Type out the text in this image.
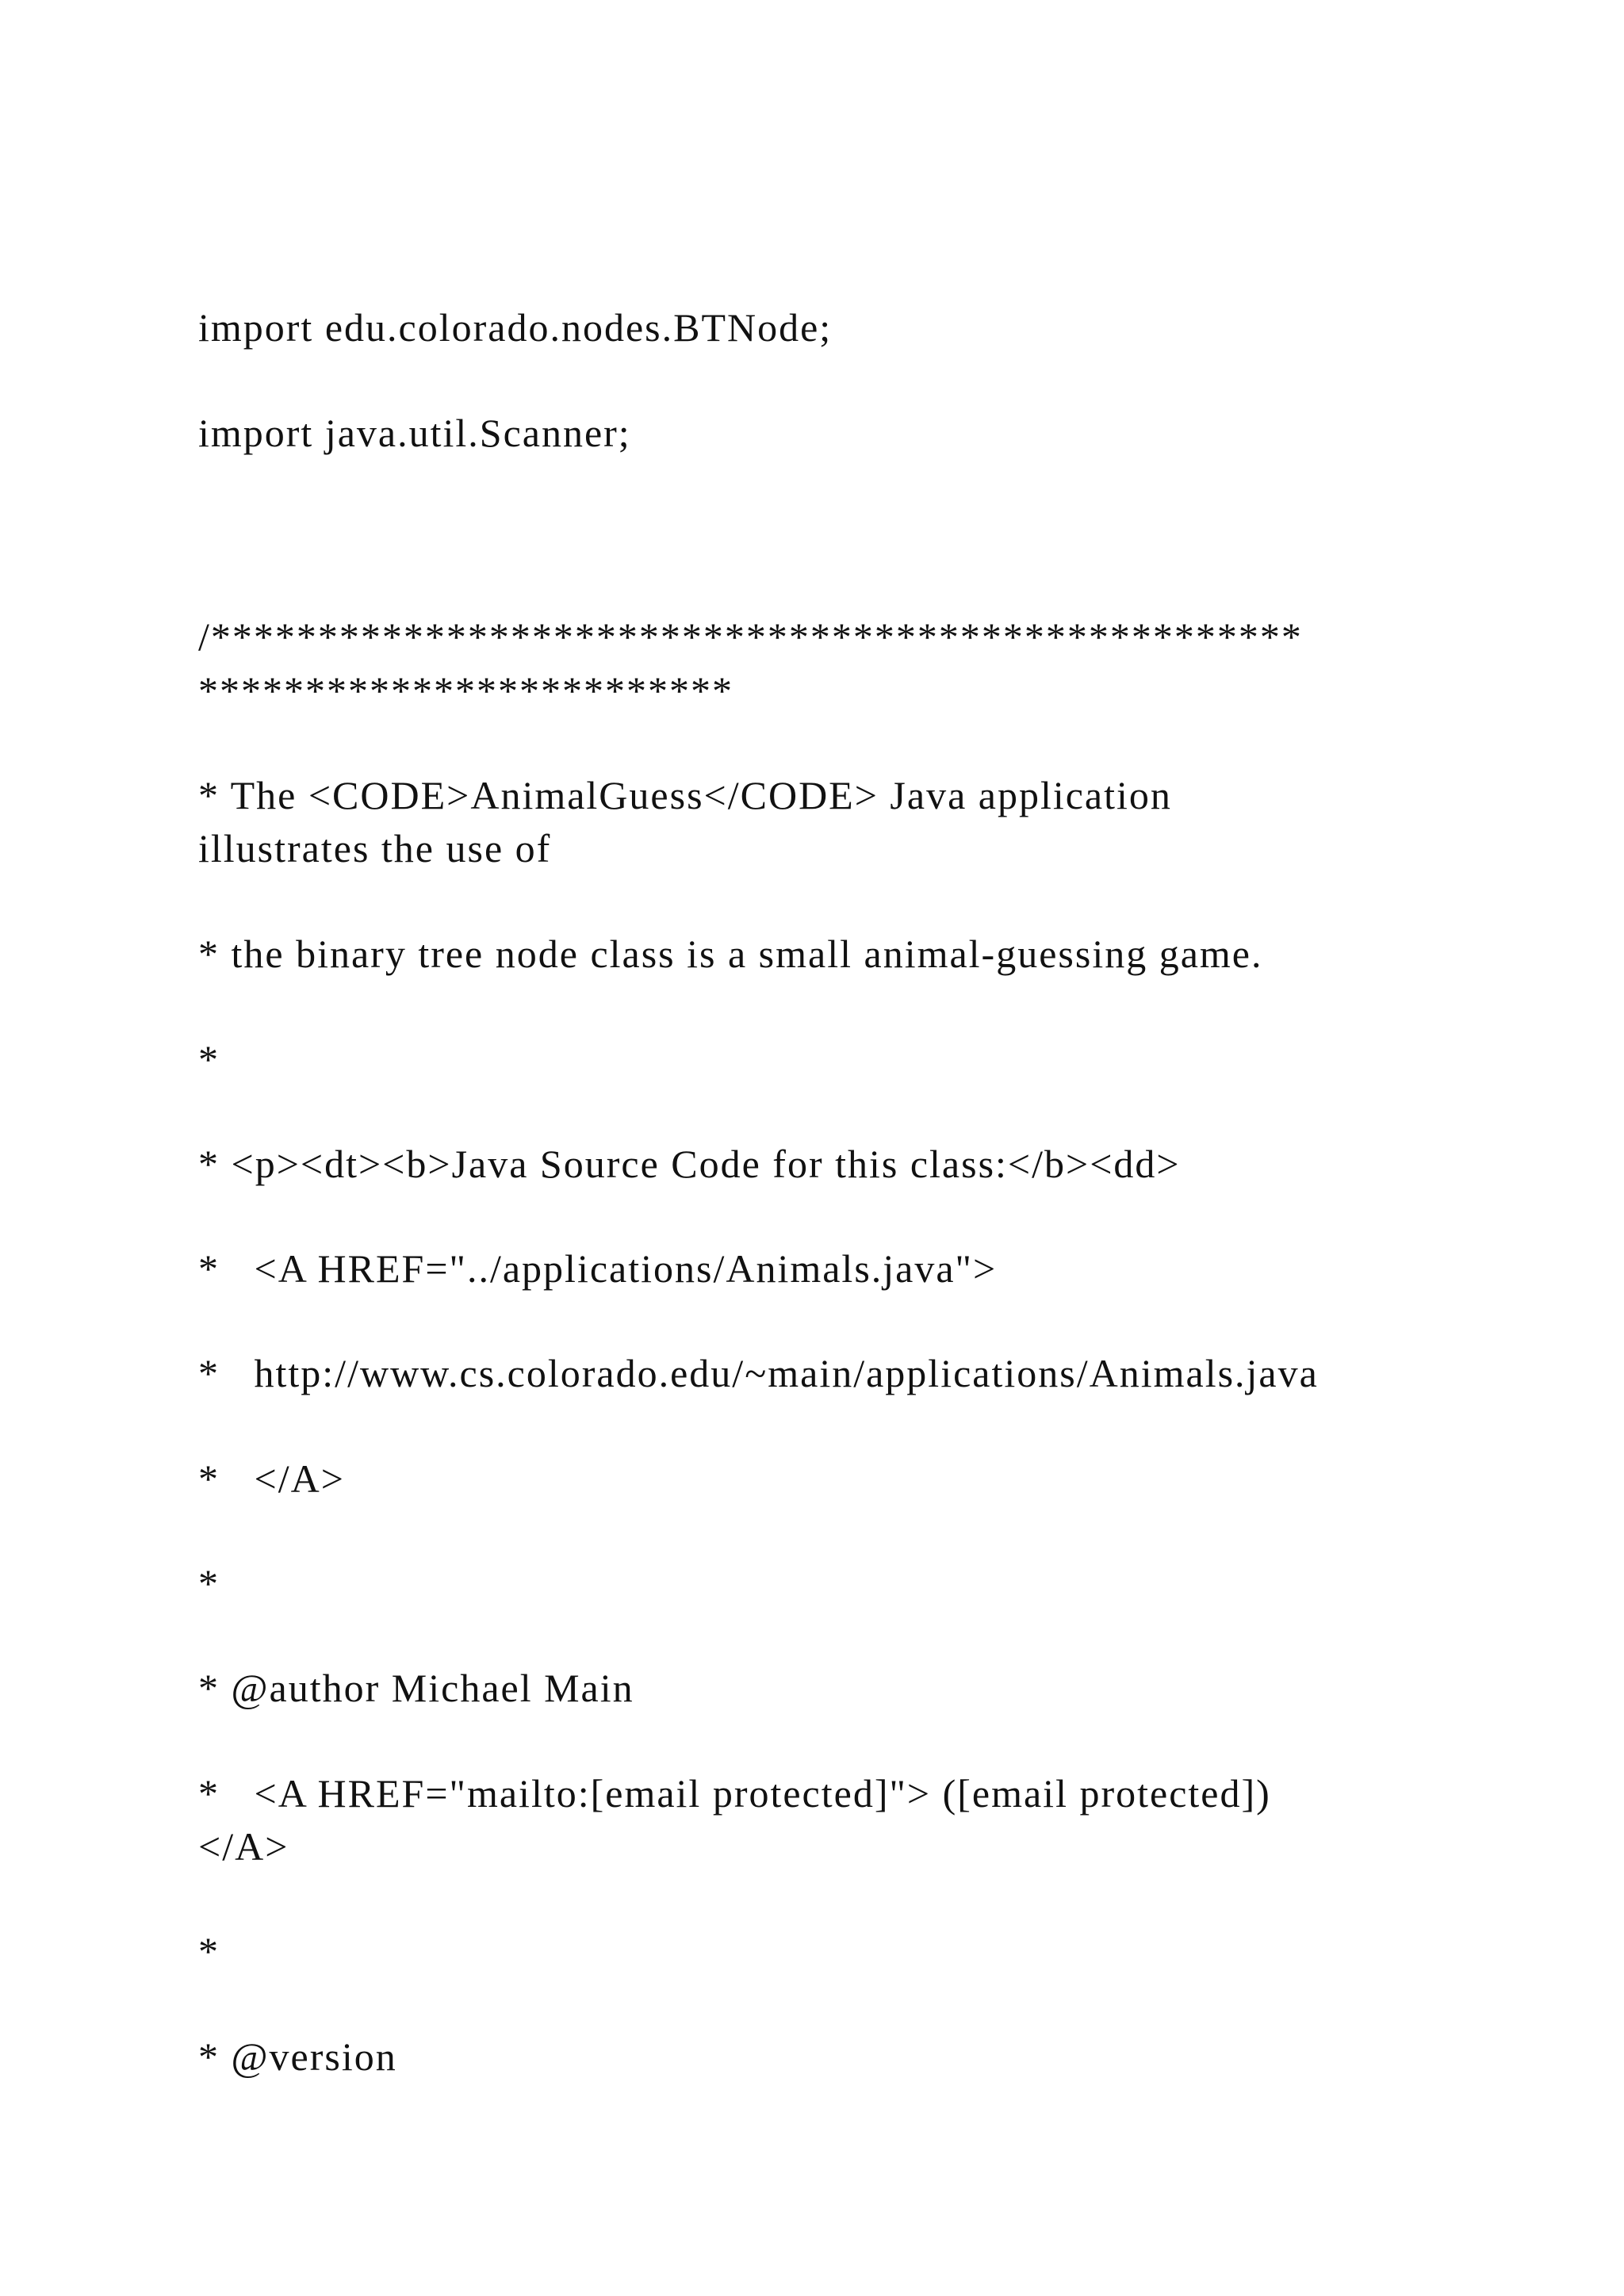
import edu.colorado.nodes.BTNode;

import java.util.Scanner;

/***************************************************

*************************

* The <CODE>AnimalGuess</CODE> Java application

illustrates the use of

* the binary tree node class is a small animal-guessing game.

*

* <p><dt><b>Java Source Code for this class:</b><dd>

*   <A HREF="../applications/Animals.java">

*   http://www.cs.colorado.edu/~main/applications/Animals.java

*   </A>

*

* @author Michael Main

*   <A HREF="mailto:[email protected]"> ([email protected])

</A>

*

* @version
